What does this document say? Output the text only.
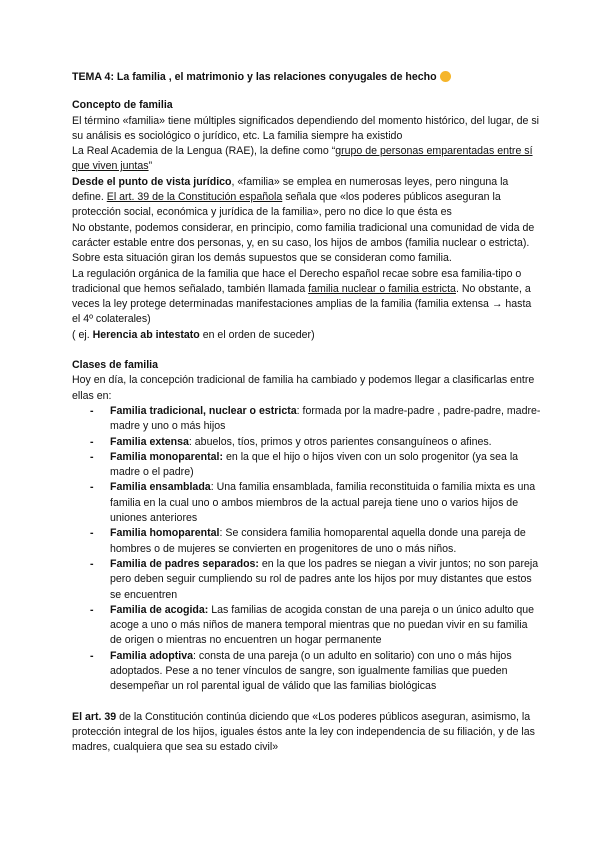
TEMA 4: La familia , el matrimonio y las relaciones conyugales de hecho

Concepto de familia

El término «familia» tiene múltiples significados dependiendo del momento histórico, del lugar, de si su análisis es sociológico o jurídico, etc. La familia siempre ha existido

La Real Academia de la Lengua (RAE), la define como “grupo de personas emparentadas entre sí que viven juntas”

Desde el punto de vista jurídico, «familia» se emplea en numerosas leyes, pero ninguna la define. El art. 39 de la Constitución española señala que «los poderes públicos aseguran la protección social, económica y jurídica de la familia», pero no dice lo que ésta es

No obstante, podemos considerar, en principio, como familia tradicional una comunidad de vida de carácter estable entre dos personas, y, en su caso, los hijos de ambos (familia nuclear o estricta). Sobre esta situación giran los demás supuestos que se consideran como familia.

La regulación orgánica de la familia que hace el Derecho español recae sobre esa familia-tipo o tradicional que hemos señalado, también llamada familia nuclear o familia estricta. No obstante, a veces la ley protege determinadas manifestaciones amplias de la familia (familia extensa → hasta el 4º colaterales)

( ej. Herencia ab intestato en el orden de suceder)

Clases de familia

Hoy en día, la concepción tradicional de familia ha cambiado y podemos llegar a clasificarlas entre ellas en:

- Familia tradicional, nuclear o estricta: formada por la madre-padre , padre-padre, madre-madre y uno o más hijos
- Familia extensa: abuelos, tíos, primos y otros parientes consanguíneos o afines.
- Familia monoparental: en la que el hijo o hijos viven con un solo progenitor (ya sea la madre o el padre)
- Familia ensamblada: Una familia ensamblada, familia reconstituida o familia mixta es una familia en la cual uno o ambos miembros de la actual pareja tiene uno o varios hijos de uniones anteriores
- Familia homoparental: Se considera familia homoparental aquella donde una pareja de hombres o de mujeres se convierten en progenitores de uno o más niños.
- Familia de padres separados: en la que los padres se niegan a vivir juntos; no son pareja pero deben seguir cumpliendo su rol de padres ante los hijos por muy distantes que estos se encuentren
- Familia de acogida: Las familias de acogida constan de una pareja o un único adulto que acoge a uno o más niños de manera temporal mientras que no puedan vivir en su familia de origen o mientras no encuentren un hogar permanente
- Familia adoptiva: consta de una pareja (o un adulto en solitario) con uno o más hijos adoptados. Pese a no tener vínculos de sangre, son igualmente familias que pueden desempeñar un rol parental igual de válido que las familias biológicas

El art. 39 de la Constitución continúa diciendo que «Los poderes públicos aseguran, asimismo, la protección integral de los hijos, iguales éstos ante la ley con independencia de su filiación, y de las madres, cualquiera que sea su estado civil»
